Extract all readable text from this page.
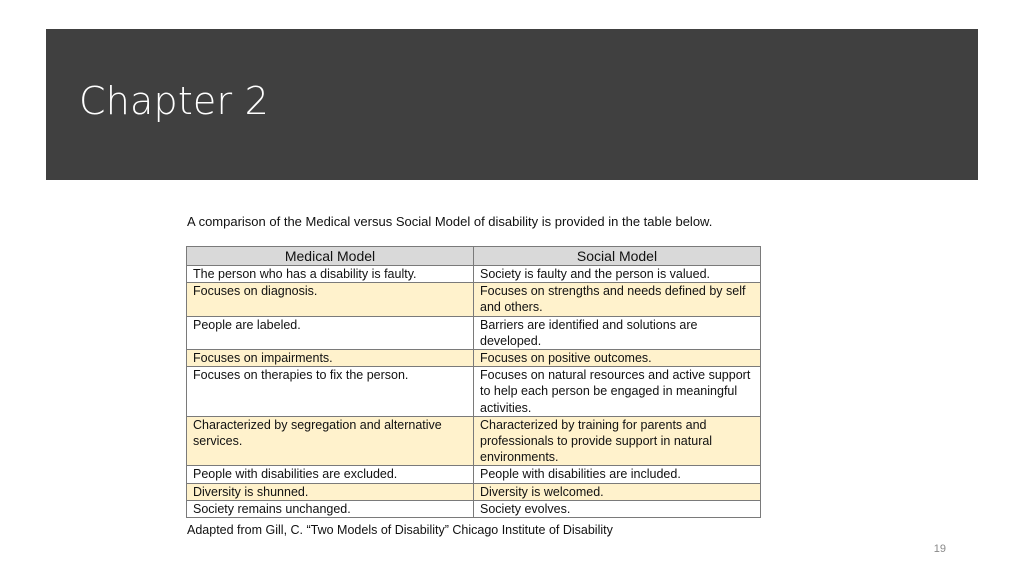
Chapter 2
A comparison of the Medical versus Social Model of disability is provided in the table below.
Medical Model	Social Model
The person who has a disability is faulty.	Society is faulty and the person is valued.
Focuses on diagnosis.	Focuses on strengths and needs defined by self and others.
People are labeled.	Barriers are identified and solutions are developed.
Focuses on impairments.	Focuses on positive outcomes.
Focuses on therapies to fix the person.	Focuses on natural resources and active support to help each person be engaged in meaningful activities.
Characterized by segregation and alternative services.	Characterized by training for parents and professionals to provide support in natural environments.
People with disabilities are excluded.	People with disabilities are included.
Diversity is shunned.	Diversity is welcomed.
Society remains unchanged.	Society evolves.
Adapted from Gill, C. “Two Models of Disability” Chicago Institute of Disability
19
